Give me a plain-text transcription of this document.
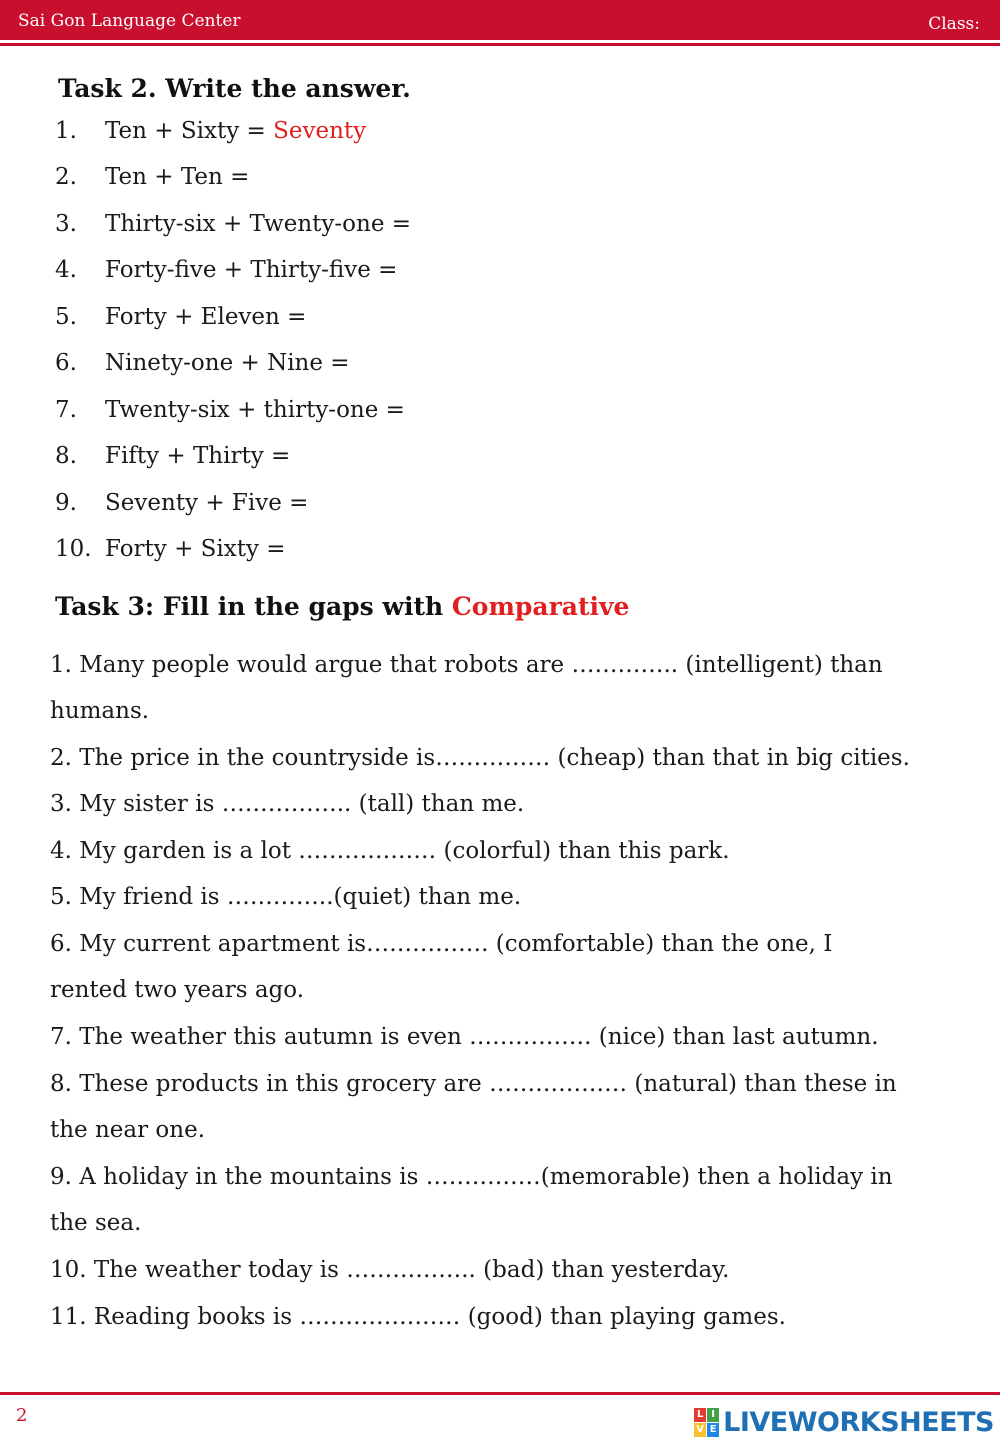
Sai Gon Language Center	Class:
Task 2. Write the answer.
1. Ten + Sixty = Seventy
2. Ten + Ten =
3. Thirty-six + Twenty-one =
4. Forty-five + Thirty-five =
5. Forty + Eleven =
6. Ninety-one + Nine =
7. Twenty-six + thirty-one =
8. Fifty + Thirty =
9. Seventy + Five =
10. Forty + Sixty =
Task 3: Fill in the gaps with Comparative
1. Many people would argue that robots are ………….. (intelligent) than
humans.
2. The price in the countryside is…………… (cheap) than that in big cities.
3. My sister is …………….. (tall) than me.
4. My garden is a lot ……………… (colorful) than this park.
5. My friend is …………..(quiet) than me.
6. My current apartment is……………. (comfortable) than the one, I
rented two years ago.
7. The weather this autumn is even ……………. (nice) than last autumn.
8. These products in this grocery are ……………… (natural) than these in
the near one.
9. A holiday in the mountains is ……………(memorable) then a holiday in
the sea.
10. The weather today is …………….. (bad) than yesterday.
11. Reading books is ………………… (good) than playing games.
2	L I
V E LIVEWORKSHEETS
